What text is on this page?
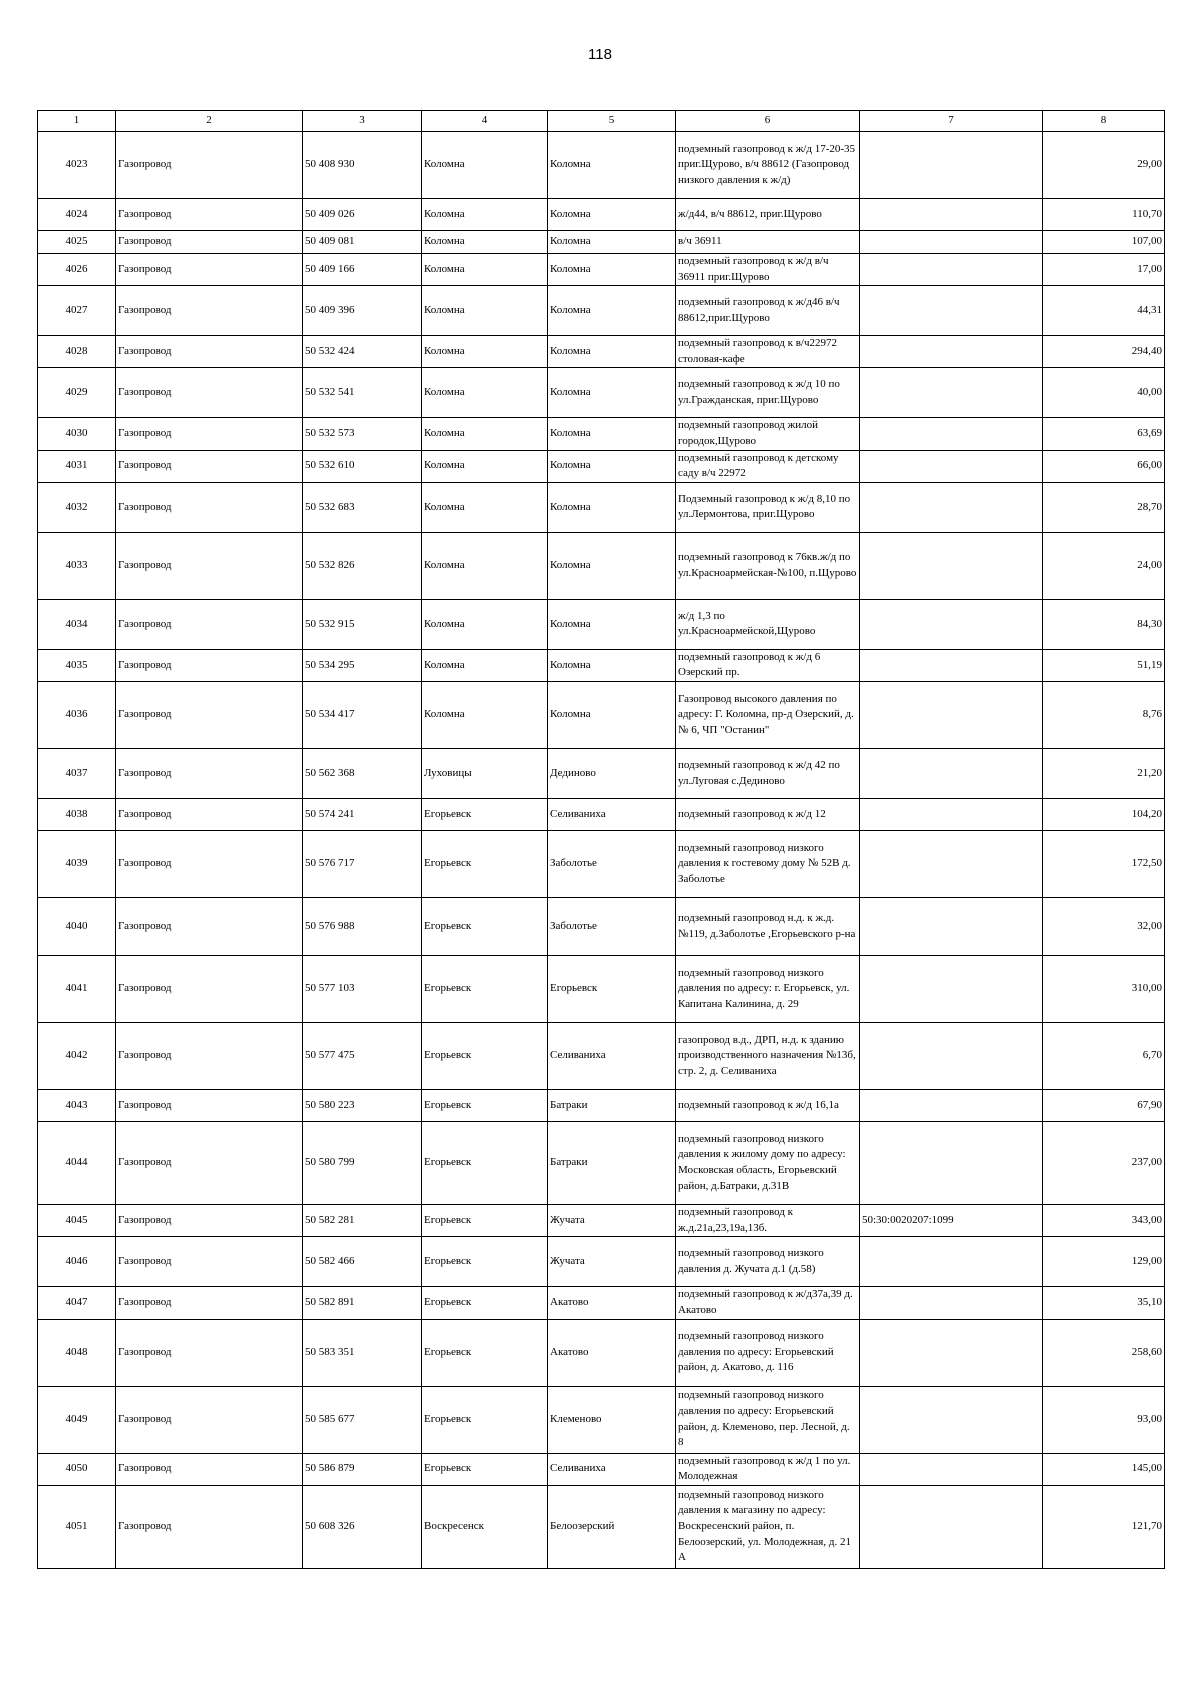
118
1	2	3	4	5	6	7	8
4023	Газопровод	50 408 930	Коломна	Коломна	подземный газопровод к ж/д 17-20-35 приг.Щурово, в/ч 88612 (Газопровод низкого давления к ж/д)		29,00
4024	Газопровод	50 409 026	Коломна	Коломна	ж/д44, в/ч 88612, приг.Щурово		110,70
4025	Газопровод	50 409 081	Коломна	Коломна	в/ч 36911		107,00
4026	Газопровод	50 409 166	Коломна	Коломна	подземный газопровод к ж/д в/ч 36911 приг.Щурово		17,00
4027	Газопровод	50 409 396	Коломна	Коломна	подземный газопровод к ж/д46 в/ч 88612,приг.Щурово		44,31
4028	Газопровод	50 532 424	Коломна	Коломна	подземный газопровод к в/ч22972 столовая-кафе		294,40
4029	Газопровод	50 532 541	Коломна	Коломна	подземный газопровод к ж/д 10 по ул.Гражданская, приг.Щурово		40,00
4030	Газопровод	50 532 573	Коломна	Коломна	подземный газопровод жилой городок,Щурово		63,69
4031	Газопровод	50 532 610	Коломна	Коломна	подземный газопровод к детскому саду в/ч 22972		66,00
4032	Газопровод	50 532 683	Коломна	Коломна	Подземный газопровод к ж/д 8,10 по ул.Лермонтова, приг.Щурово		28,70
4033	Газопровод	50 532 826	Коломна	Коломна	подземный газопровод к 76кв.ж/д по ул.Красноармейская-№100, п.Щурово		24,00
4034	Газопровод	50 532 915	Коломна	Коломна	ж/д 1,3 по ул.Красноармейской,Щурово		84,30
4035	Газопровод	50 534 295	Коломна	Коломна	подземный газопровод к ж/д 6 Озерский пр.		51,19
4036	Газопровод	50 534 417	Коломна	Коломна	Газопровод высокого давления по адресу: Г. Коломна, пр-д Озерский, д. № 6, ЧП "Останин"		8,76
4037	Газопровод	50 562 368	Луховицы	Дединово	подземный газопровод к ж/д 42 по ул.Луговая с.Дединово		21,20
4038	Газопровод	50 574 241	Егорьевск	Селиваниха	подземный газопровод к ж/д 12		104,20
4039	Газопровод	50 576 717	Егорьевск	Заболотье	подземный газопровод низкого давления к гостевому дому № 52В д. Заболотье		172,50
4040	Газопровод	50 576 988	Егорьевск	Заболотье	подземный газопровод н.д. к ж.д. №119, д.Заболотье ,Егорьевского р-на		32,00
4041	Газопровод	50 577 103	Егорьевск	Егорьевск	подземный газопровод низкого давления по адресу: г. Егорьевск, ул. Капитана Калинина, д. 29		310,00
4042	Газопровод	50 577 475	Егорьевск	Селиваниха	газопровод в.д., ДРП, н.д. к зданию производственного назначения №13б, стр. 2, д. Селиваниха		6,70
4043	Газопровод	50 580 223	Егорьевск	Батраки	подземный газопровод к ж/д 16,1а		67,90
4044	Газопровод	50 580 799	Егорьевск	Батраки	подземный газопровод низкого давления к жилому дому по адресу: Московская область, Егорьевский район, д.Батраки, д.31В		237,00
4045	Газопровод	50 582 281	Егорьевск	Жучата	подземный газопровод к ж.д.21а,23,19а,13б.	50:30:0020207:1099	343,00
4046	Газопровод	50 582 466	Егорьевск	Жучата	подземный газопровод низкого давления д. Жучата д.1 (д.58)		129,00
4047	Газопровод	50 582 891	Егорьевск	Акатово	подземный газопровод к ж/д37а,39 д. Акатово		35,10
4048	Газопровод	50 583 351	Егорьевск	Акатово	подземный газопровод низкого давления по адресу: Егорьевский район, д. Акатово, д. 116		258,60
4049	Газопровод	50 585 677	Егорьевск	Клеменово	подземный газопровод низкого давления по адресу: Егорьевский район, д. Клеменово, пер. Лесной, д. 8		93,00
4050	Газопровод	50 586 879	Егорьевск	Селиваниха	подземный газопровод к ж/д 1 по ул. Молодежная		145,00
4051	Газопровод	50 608 326	Воскресенск	Белоозерский	подземный газопровод низкого давления к магазину по адресу: Воскресенский район, п. Белоозерский, ул. Молодежная, д. 21 А		121,70
